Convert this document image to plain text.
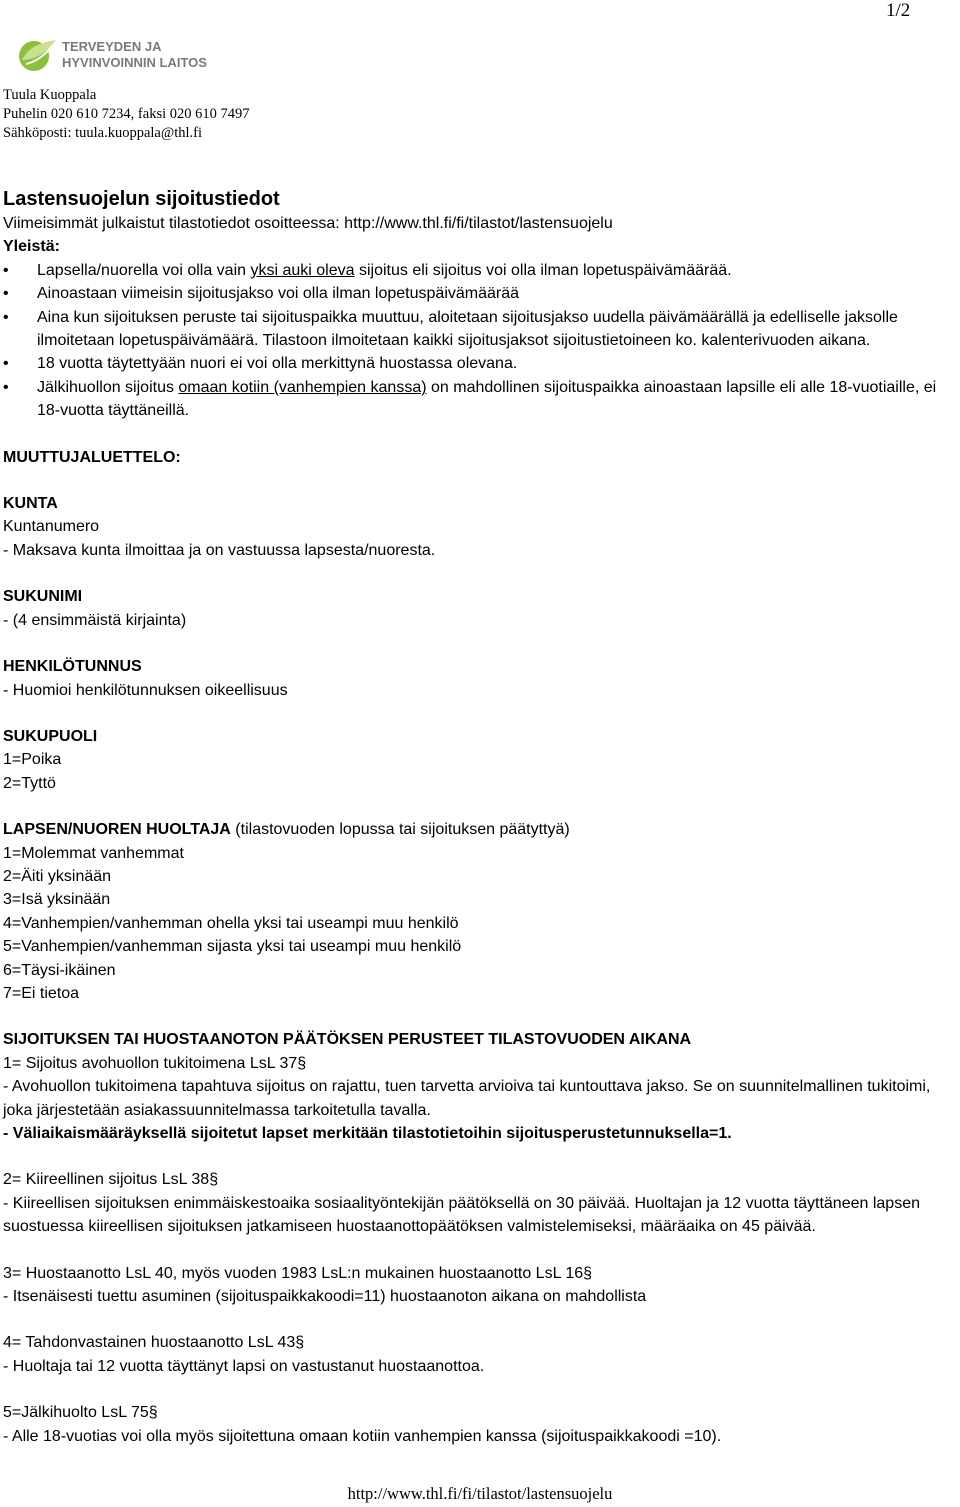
1/2
TERVEYDEN JA
HYVINVOINNIN LAITOS
Tuula Kuoppala
Puhelin 020 610 7234, faksi 020 610 7497
Sähköposti: tuula.kuoppala@thl.fi
Lastensuojelun sijoitustiedot
Viimeisimmät julkaistut tilastotiedot osoitteessa: http://www.thl.fi/fi/tilastot/lastensuojelu
Yleistä:
• Lapsella/nuorella voi olla vain yksi auki oleva sijoitus eli sijoitus voi olla ilman lopetuspäivämäärää.
• Ainoastaan viimeisin sijoitusjakso voi olla ilman lopetuspäivämäärää
• Aina kun sijoituksen peruste tai sijoituspaikka muuttuu, aloitetaan sijoitusjakso uudella päivämäärällä ja edelliselle jaksolle ilmoitetaan lopetuspäivämäärä. Tilastoon ilmoitetaan kaikki sijoitusjaksot sijoitustietoineen ko. kalenterivuoden aikana.
• 18 vuotta täytettyään nuori ei voi olla merkittynä huostassa olevana.
• Jälkihuollon sijoitus omaan kotiin (vanhempien kanssa) on mahdollinen sijoituspaikka ainoastaan lapsille eli alle 18-vuotiaille, ei 18-vuotta täyttäneillä.
MUUTTUJALUETTELO:
KUNTA
Kuntanumero
- Maksava kunta ilmoittaa ja on vastuussa lapsesta/nuoresta.
SUKUNIMI
- (4 ensimmäistä kirjainta)
HENKILÖTUNNUS
- Huomioi henkilötunnuksen oikeellisuus
SUKUPUOLI
1=Poika
2=Tyttö
LAPSEN/NUOREN HUOLTAJA (tilastovuoden lopussa tai sijoituksen päätyttyä)
1=Molemmat vanhemmat
2=Äiti yksinään
3=Isä yksinään
4=Vanhempien/vanhemman ohella yksi tai useampi muu henkilö
5=Vanhempien/vanhemman sijasta yksi tai useampi muu henkilö
6=Täysi-ikäinen
7=Ei tietoa
SIJOITUKSEN TAI HUOSTAANOTON PÄÄTÖKSEN PERUSTEET TILASTOVUODEN AIKANA
1= Sijoitus avohuollon tukitoimena LsL 37§
- Avohuollon tukitoimena tapahtuva sijoitus on rajattu, tuen tarvetta arvioiva tai kuntouttava jakso. Se on suunnitelmallinen tukitoimi, joka järjestetään asiakassuunnitelmassa tarkoitetulla tavalla.
- Väliaikaismääräyksellä sijoitetut lapset merkitään tilastotietoihin sijoitusperustetunnuksella=1.
2= Kiireellinen sijoitus LsL 38§
- Kiireellisen sijoituksen enimmäiskestoaika sosiaalityöntekijän päätöksellä on 30 päivää. Huoltajan ja 12 vuotta täyttäneen lapsen suostuessa kiireellisen sijoituksen jatkamiseen huostaanottopäätöksen valmistelemiseksi, määräaika on 45 päivää.
3= Huostaanotto LsL 40, myös vuoden 1983 LsL:n mukainen huostaanotto LsL 16§
- Itsenäisesti tuettu asuminen (sijoituspaikkakoodi=11) huostaanoton aikana on mahdollista
4= Tahdonvastainen huostaanotto LsL 43§
- Huoltaja tai 12 vuotta täyttänyt lapsi on vastustanut huostaanottoa.
5=Jälkihuolto LsL 75§
- Alle 18-vuotias voi olla myös sijoitettuna omaan kotiin vanhempien kanssa (sijoituspaikkakoodi =10).
http://www.thl.fi/fi/tilastot/lastensuojelu
